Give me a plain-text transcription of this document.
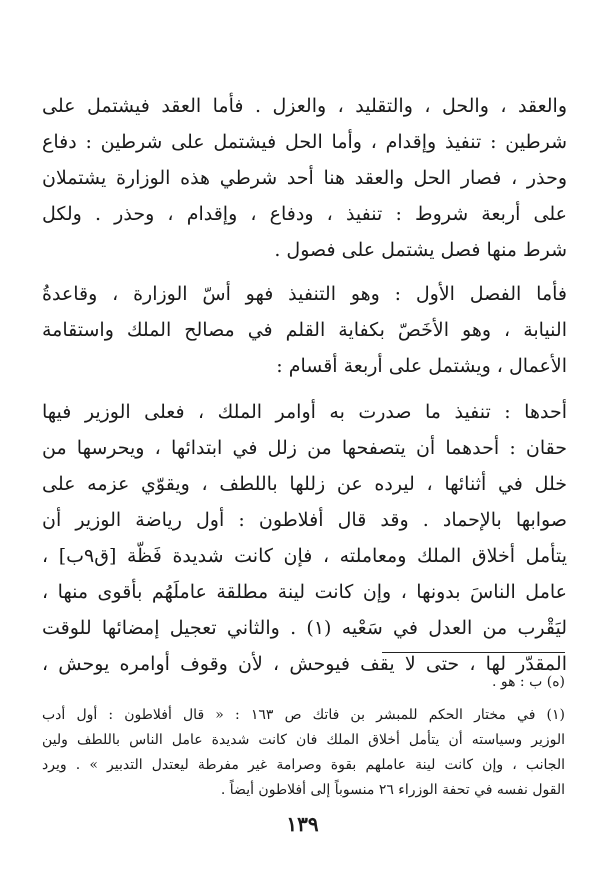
والعقد ، والحل ، والتقليد ، والعزل . فأما العقد فيشتمل على
شرطين : تنفيذ وإقدام ، وأما الحل فيشتمل على شرطين : دفاع
وحذر ، فصار الحل والعقد هنا أحد شرطي هذه الوزارة يشتملان
على أربعة شروط : تنفيذ ، ودفاع ، وإقدام ، وحذر . ولكل
شرط منها فصل يشتمل على فصول .
فأما الفصل الأول : وهو التنفيذ فهو أسّ الوزارة ، وقاعدةُ
النيابة ، وهو الأخَصّ بكفاية القلم في مصالح الملك واستقامة
الأعمال ، ويشتمل على أربعة أقسام :
أحدها : تنفيذ ما صدرت به أوامر الملك ، فعلى الوزير فيها
حقان : أحدهما أن يتصفحها من زلل في ابتدائها ، ويحرسها من
خلل في أثنائها ، ليرده عن زللها باللطف ، ويقوّي عزمه على
صوابها بالإحماد . وقد قال أفلاطون : أول رياضة الوزير أن
يتأمل أخلاق الملك ومعاملته ، فإن كانت شديدة فَظّة [ق٩ب] ،
عامل الناسَ بدونها ، وإن كانت لينة مطلقة عاملَهُم بأقوى منها ،
ليَقْرب من العدل في سَعْيه (١) . والثاني تعجيل إمضائها للوقت
المقدّر لها ، حتى لا يقف فيوحش ، لأن وقوف أوامره يوحش ،
(ه) ب : هو .
(١) في مختار الحكم للمبشر بن فاتك ص ١٦٣ : « قال أفلاطون : أول أدب
الوزير وسياسته أن يتأمل أخلاق الملك فان كانت شديدة عامل الناس باللطف ولين
الجانب ، وإن كانت لينة عاملهم بقوة وصرامة غير مفرطة ليعتدل التدبير » . ويرد
القول نفسه في تحفة الوزراء ٢٦ منسوباً إلى أفلاطون أيضاً .
١٣٩
